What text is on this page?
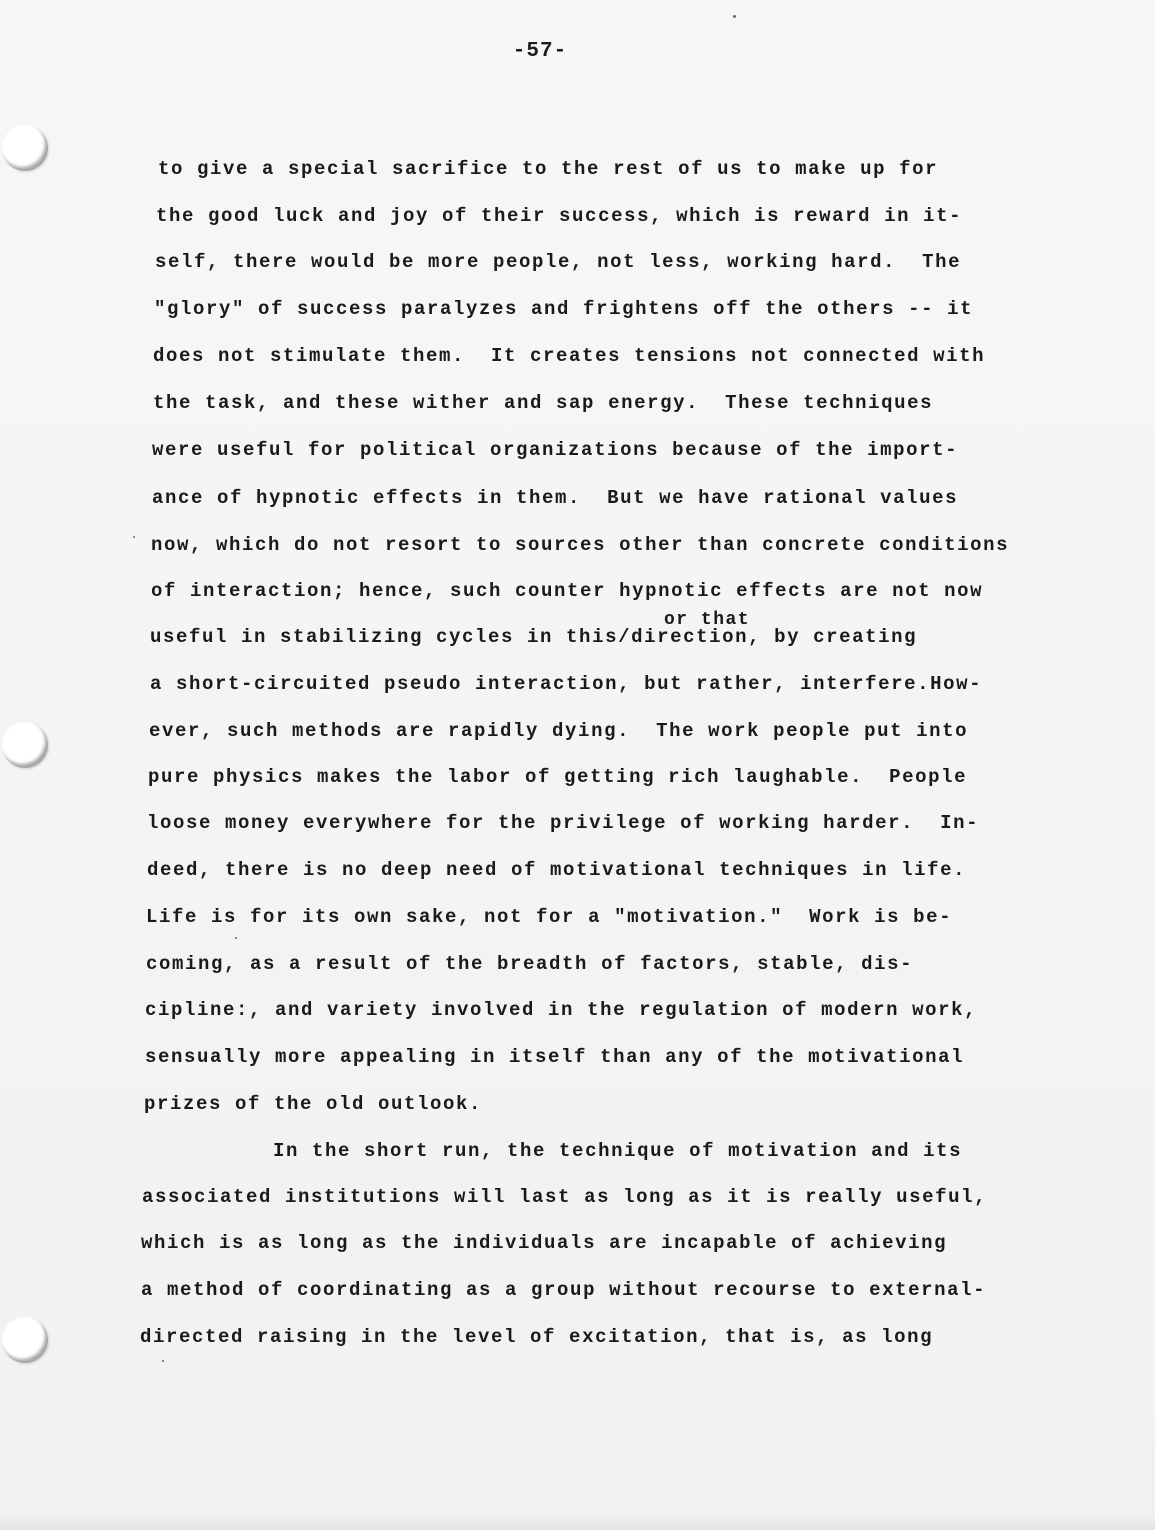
-57-

to give a special sacrifice to the rest of us to make up for

the good luck and joy of their success, which is reward in it-

self, there would be more people, not less, working hard.  The

"glory" of success paralyzes and frightens off the others -- it

does not stimulate them.  It creates tensions not connected with

the task, and these wither and sap energy.  These techniques

were useful for political organizations because of the import-

ance of hypnotic effects in them.  But we have rational values

now, which do not resort to sources other than concrete conditions

of interaction; hence, such counter hypnotic effects are not now

or that

useful in stabilizing cycles in this/direction, by creating

a short-circuited pseudo interaction, but rather, interfere.How-

ever, such methods are rapidly dying.  The work people put into

pure physics makes the labor of getting rich laughable.  People

loose money everywhere for the privilege of working harder.  In-

deed, there is no deep need of motivational techniques in life.

Life is for its own sake, not for a "motivation."  Work is be-

coming, as a result of the breadth of factors, stable, dis-

cipline:, and variety involved in the regulation of modern work,

sensually more appealing in itself than any of the motivational

prizes of the old outlook.

In the short run, the technique of motivation and its

associated institutions will last as long as it is really useful,

which is as long as the individuals are incapable of achieving

a method of coordinating as a group without recourse to external-

directed raising in the level of excitation, that is, as long
